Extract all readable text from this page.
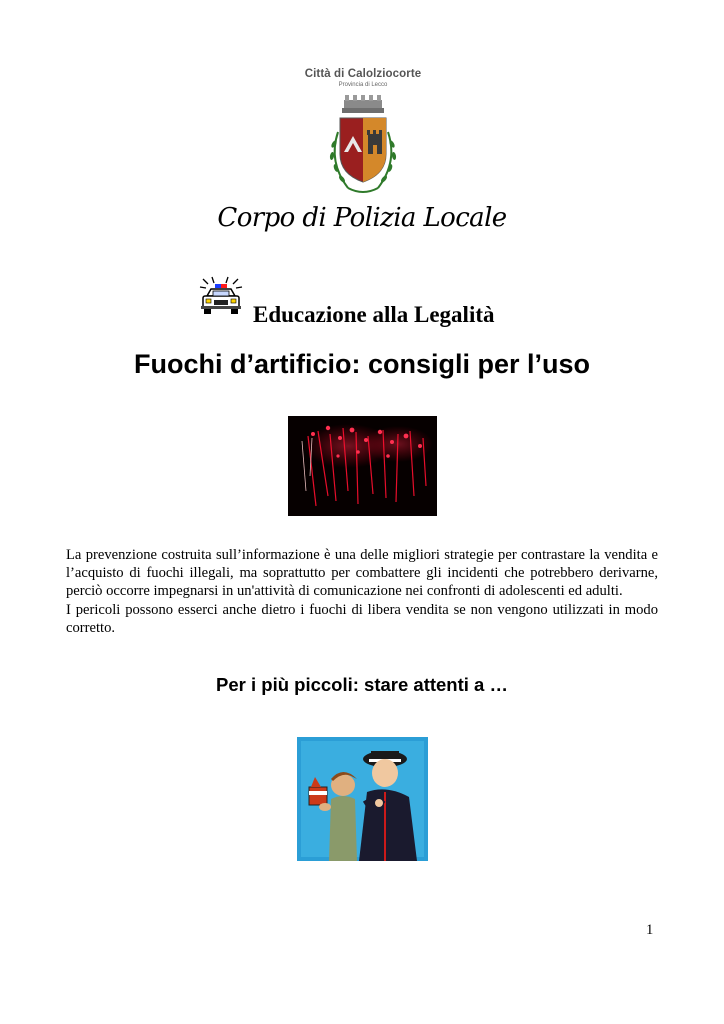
Città di Calolziocorte
Provincia di Lecco
Corpo di Polizia Locale
Educazione alla Legalità
Fuochi d’artificio: consigli per l’uso

La prevenzione costruita sull’informazione è una delle migliori strategie per contrastare la vendita e l’acquisto di fuochi illegali, ma soprattutto per combattere gli incidenti che potrebbero derivarne, perciò occorre impegnarsi in un'attività di comunicazione nei confronti di adolescenti ed adulti.

I pericoli possono esserci anche dietro i fuochi di libera vendita se non vengono utilizzati in modo corretto.

Per i più piccoli: stare attenti a …
1
